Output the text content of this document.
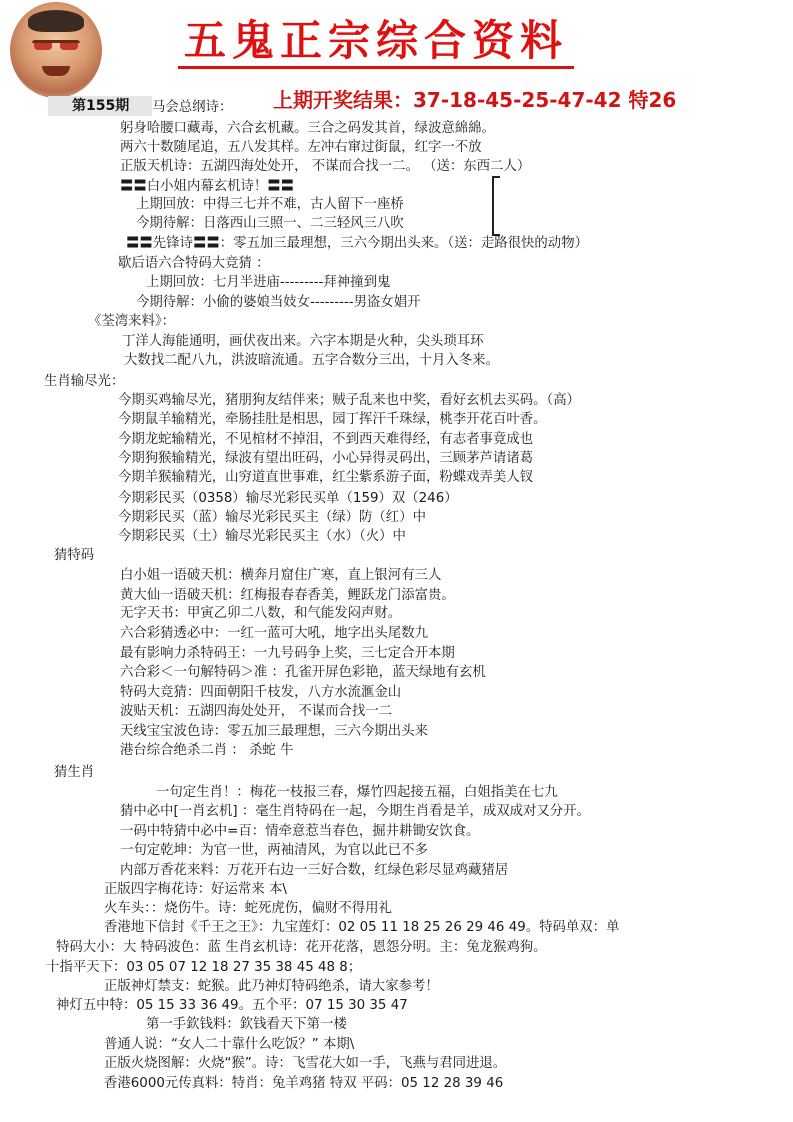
五鬼正宗综合资料
第155期	上期开奖结果：37-18-45-25-47-42 特26
马会总纲诗：
躬身哈腰口藏毒，六合玄机藏。三合之码发其首，绿波意綿綿。
两六十数随尾追，五八发其样。左冲右窜过街鼠，红字一不放
正版天机诗：五湖四海处处开， 不谋而合找一二。 （送：东西二人）
〓〓白小姐内幕玄机诗！〓〓
上期回放：中得三七并不难，古人留下一座桥
今期待解：日落西山三照一、二三轻风三八吹
〓〓先锋诗〓〓：零五加三最理想，三六今期出头来。（送：走路很快的动物）
歇后语六合特码大竞猜 ：
上期回放：七月半进庙---------拜神撞到鬼
今期待解：小偷的婆娘当妓女---------男盗女娼开
《荃湾来料》：
丁洋人海能通明，画伏夜出来。六字本期是火种，尖头琐耳环
大数找二配八九，洪波暗流通。五字合数分三出，十月入冬来。
生肖输尽光：
今期买鸡输尽光，猪朋狗友结伴来；贼子乱来也中奖，看好玄机去买码。（高）
今期鼠羊输精光，牵肠挂肚是相思，园丁挥汗千珠绿，桃李开花百叶香。
今期龙蛇输精光，不见棺材不掉泪，不到西天难得经，有志者事竟成也
今期狗猴输精光，绿波有望出旺码，小心异得灵码出，三顾茅芦请诸葛
今期羊猴输精光，山穷道直世事难，红尘紫系游子面，粉蝶戏弄美人钗
今期彩民买（0358）输尽光彩民买单（159）双（246）
今期彩民买（蓝）输尽光彩民买主（绿）防（红）中
今期彩民买（土）输尽光彩民买主（水）（火）中
猜特码
白小姐一语破天机：横奔月窟住广寒，直上银河有三人
黄大仙一语破天机：红梅报春春香美，鲤跃龙门添富贵。
无字天书：甲寅乙卯二八数，和气能发闷声财。
六合彩猜透必中：一红一蓝可大吼，地字出头尾数九
最有影响力杀特码王：一九号码争上奖，三七定合开本期
六合彩＜一句解特码＞准 ：孔雀开屏色彩艳，蓝天绿地有玄机
特码大竞猜：四面朝阳千枝发，八方水流滙金山
波贴天机：五湖四海处处开， 不谋而合找一二
天线宝宝波色诗：零五加三最理想，三六今期出头来
港台综合绝杀二肖 ： 杀蛇 牛
猜生肖
一句定生肖！：梅花一枝报三春，爆竹四起接五福，白姐指美在七九
猜中必中[一肖玄机] ：毫生肖特码在一起，今期生肖看是羊，成双成对又分开。
一码中特猜中必中=百：情牵意惹当春色，掘井耕锄安饮食。
一句定乾坤：为官一世，两袖清风，为官以此已不多
内部万香花来料：万花开右边一三好合数，红绿色彩尽显鸡藏猪居
正版四字梅花诗：好运常来 本\
火车头：：烧伤牛。诗：蛇死虎伤，偏财不得用礼
香港地下信封《千王之王》：九宝莲灯：02 05 11 18 25 26 29 46 49。特码单双：单
特码大小：大 特码波色：蓝 生肖玄机诗：花开花落，恩怨分明。主：兔龙猴鸡狗。
十指平天下：03 05 07 12 18 27 35 38 45 48 8；
正版神灯禁支：蛇猴。此乃神灯特码绝杀，请大家参考！
神灯五中特：05 15 33 36 49。五个平：07 15 30 35 47
第一手欽钱料：欽钱看天下第一楼
普通人说：“女人二十靠什么吃饭？” 本期\
正版火烧图解：火烧“猴”。诗：飞雪花大如一手，飞燕与君同进退。
香港6000元传真料：特肖：兔羊鸡猪 特双 平码：05 12 28 39 46
